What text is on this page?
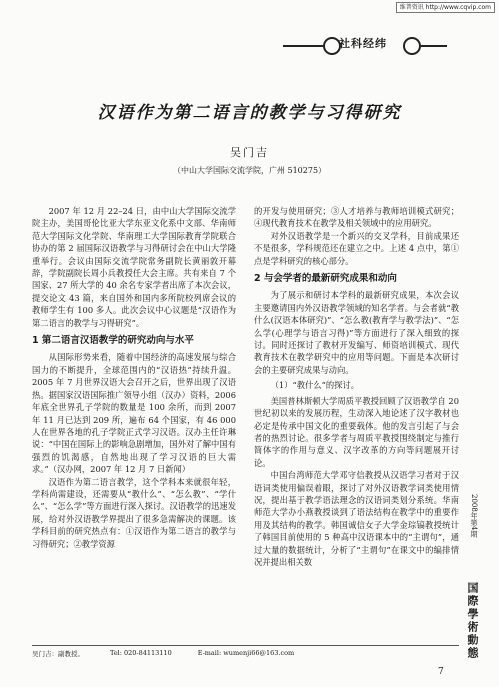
维普资讯 http://www.cqvip.com
社科经纬
汉语作为第二语言的教学与习得研究
吴门吉
（中山大学国际交流学院，广州 510275）

2007 年 12 月 22–24 日，由中山大学国际交流学院主办，美国哥伦比亚大学东亚文化系中文部、华南师范大学国际文化学院、华南理工大学国际教育学院联合协办的第 2 届国际汉语教学与习得研讨会在中山大学隆重举行。会议由国际交流学院常务副院长黄丽敦开幕辞，学院副院长周小兵教授任大会主席。共有来自 7 个国家、27 所大学的 40 余名专家学者出席了本次会议，提交论文 43 篇，来自国外和国内多所院校列席会议的教师学生有 100 多人。此次会议中心议题是“汉语作为第二语言的教学与习得研究”。

1 第二语言汉语教学的研究动向与水平

从国际形势来看，随着中国经济的高速发展与综合国力的不断提升，全球范围内的“汉语热”持续升温。2005 年 7 月世界汉语大会召开之后，世界出现了汉语热。据国家汉语国际推广领导小组（汉办）资料，2006 年底全世界孔子学院的数量是 100 余所，而到 2007 年 11 月已达到 209 所，遍布 64 个国家，有 46 000 人在世界各地的孔子学院正式学习汉语。汉办主任许琳说：“中国在国际上的影响急剧增加，国外对了解中国有强烈的饥渴感，自然地出现了学习汉语的巨大需求。”（汉办网，2007 年 12 月 7 日新闻）

汉语作为第二语言教学，这个学科本来就很年轻，学科尚需建设，还需要从“教什么”、“怎么教”、“学什么”、“怎么学”等方面进行深入探讨。汉语教学的迅速发展，给对外汉语教学界提出了很多急需解决的课题。该学科目前的研究热点有：①汉语作为第二语言的教学与习得研究；②教学资源

的开发与使用研究；③人才培养与教师培训模式研究；④现代教育技术在教学及相关领域中的应用研究。

对外汉语教学是一个新兴的交叉学科，目前成果还不是很多，学科规范还在建立之中。上述 4 点中，第①点是学科研究的核心部分。

2 与会学者的最新研究成果和动向

为了展示和研讨本学科的最新研究成果，本次会议主要邀请国内外汉语教学领域的知名学者。与会者就“教什么(汉语本体研究)”、“怎么教(教育学与教学法)”、“怎么学(心理学与语言习得)”等方面进行了深入细致的探讨。同时还探讨了教材开发编写、师资培训模式、现代教育技术在教学研究中的应用等问题。下面是本次研讨会的主要研究成果与动向。

（1）“教什么”的探讨。

美国普林斯顿大学周质平教授回顾了汉语教学自 20 世纪初以来的发展历程，生动深入地论述了汉字教材也必定是传承中国文化的重要载体。他的发言引起了与会者的热烈讨论。很多学者与周质平教授围绕制定与推行简体字的作用与意义、汉字改革的方向等问题展开讨论。

中国台湾师范大学邓守信教授从汉语学习者对于汉语词类使用偏误着眼，探讨了对外汉语教学词类使用情况，提出基于教学语法理念的汉语词类划分系统。华南师范大学办小燕教授谈到了语法结构在教学中的重要作用及其结构的教学。韩国诚信女子大学金琮镐教授统计了韩国目前使用的 5 种高中汉语课本中的“主谓句”，通过大量的数据统计，分析了“主谓句”在课文中的编排情况并提出相关数

吴门吉：副教授。	Tel: 020-84113110	E-mail: wumenji66@163.com
2008年第4期
国際學術動態
7
